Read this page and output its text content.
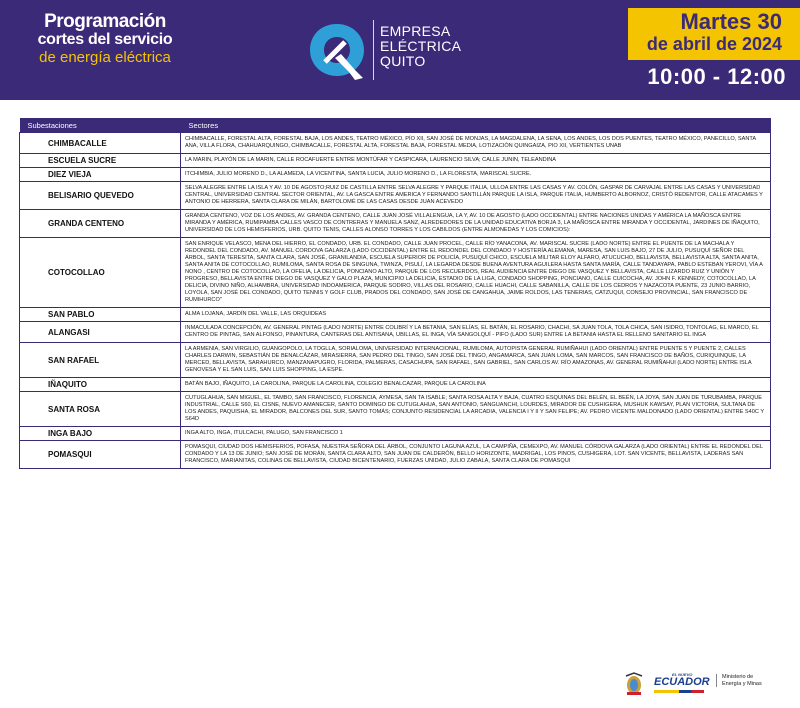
Programación
cortes del servicio
de energía eléctrica
EMPRESA
ELÉCTRICA
QUITO
Martes 30
de abril de 2024
10:00 - 12:00
Subestaciones	Sectores
CHIMBACALLE	CHIMBACALLE, FORESTAL ALTA, FORESTAL BAJA, LOS ANDES, TEATRO MÉXICO, PÍO XII, SAN JOSÉ DE MONJAS, LA MAGDALENA, LA SENA, LOS ANDES, LOS DOS PUENTES, TEATRO MÉXICO, PANECILLO, SANTA ANA, VILLA FLORA, CHAHUARQUINGO, CHIMBACALLE, FORESTAL ALTA, FORESTAL BAJA, FORESTAL MEDIA, LOTIZACIÓN QUINGAIZA, PIO XII, VERTIENTES UNAB
ESCUELA SUCRE	LA MARIN, PLAYÓN DE LA MARIN, CALLE ROCAFUERTE ENTRE MONTÚFAR Y CASPICARA, LAURENCIO SILVA; CALLE JUNIN, TELEANDINA
DIEZ VIEJA	ITCHIMBIA, JULIO MORENO D., LA ALAMEDA, LA VICENTINA, SANTA LUCIA, JULIO MORENO D., LA FLORESTA, MARISCAL SUCRE.
BELISARIO QUEVEDO	SELVA ALEGRE ENTRE LA ISLA Y AV. 10 DE AGOSTO;RUIZ DE CASTILLA ENTRE SELVA ALEGRE Y PARQUE ITALIA, ULLOA ENTRE LAS CASAS Y AV. COLÓN, GASPAR DE CARVAJAL ENTRE LAS CASAS Y UNIVERSIDAD CENTRAL, UNIVERSIDAD CENTRAL SECTOR ORIENTAL, AV. LA GASCA ENTRE AMERICA Y FERNANDO SANTILLÁN PARQUE LA ISLA, PARQUE ITALIA, HUMBERTO ALBORNOZ, CRISTÓ REDENTOR, CALLE ATACAMES Y ANTONIO DE HERRERA, SANTA CLARA DE MILÁN, BARTOLOMÉ DE LAS CASAS DESDE JUAN ACEVEDO
GRANDA CENTENO	GRANDA CENTENO, VOZ DE LOS ANDES, AV. GRANDA CENTENO, CALLE JUAN JOSÉ VILLALENGUA, LA Y, AV. 10 DE AGOSTO (LADO OCCIDENTAL) ENTRE NACIONES UNIDAS Y AMÉRICA LA MAÑOSCA ENTRE MIRANDA Y AMÉRICA, RUMIPAMBA CALLES VASCO DE CONTRERAS Y MANUELA SANZ, ALREDEDORES DE LA UNIDAD EDUCATIVA BORJA 3, LA MAÑOSCA ENTRE MIRANDA Y OCCIDENTAL, JARDINES DE IÑAQUITO, UNIVERSIDAD DE LOS HEMISFERIOS, URB. QUITO TENIS, CALLES ALONSO TORRES Y LOS CABILDOS (ENTRE ALMONEDAS Y LOS COMICIOS):
COTOCOLLAO	SAN ENRIQUE VELASCO, MENA DEL HIERRO, EL CONDADO, URB. EL CONDADO, CALLE JUAN PROCEL, CALLE RÍO YANACONA, AV. MARISCAL SUCRE (LADO NORTE) ENTRE EL PUENTE DE LA MACHALA Y REDONDEL DEL CONDADO, AV. MANUEL CORDOVA GALARZA (LADO OCCIDENTAL) ENTRE EL REDONDEL DEL CONDADO Y HOSTERÍA ALEMANA, MARESA, SAN LUIS BAJO, 27 DE JULIO, PUSUQUÍ SEÑOR DEL ÁRBOL, SANTA TERESITA, SANTA CLARA, SAN JOSÉ, GRANILANDIA, ESCUELA SUPERIOR DE POLICÍA, PUSUQUÍ CHICO, ESCUELA MILITAR ELOY ALFARO, ATUCUCHO, BELLAVISTA, BELLAVISTA ALTA, SANTA ANITA, SANTA ANITA DE COTOCOLLAO, RUMILOMA, SANTA ROSA DE SINGUNA, TWINZA, PISULÍ, LA LEGARDA DESDE BUENA AVENTURA AGUILERA HASTA SANTA MARÍA, CALLE TANDAYAPA, PABLO ESTEBAN YEROVI, VÍA A NONO , CENTRO DE COTOCOLLAO, LA OFELIA, LA DELICIA, PONCIANO ALTO, PARQUE DE LOS RECUERDOS, REAL AUDIENCIA ENTRE DIEGO DE VASQUEZ Y BELLAVISTA, CALLE LIZARDO RUIZ Y UNIÓN Y PROGRESO, BELLAVISTA ENTRE DIEGO DE VASQUEZ Y GALO PLAZA, MUNICIPIO LA DELICIA, ESTADIO DE LA LIGA, CONDADO SHOPPING, PONCIANO, CALLE CUICOCHA, AV. JOHN F. KENNEDY, COTOCOLLAO, LA DELICIA, DIVINO NIÑO, ALHAMBRA, UNIVERSIDAD INDOAMERICA, PARQUE SODIRO, VILLAS DEL ROSARIO, CALLE HUACHI, CALLE SABANILLA, CALLE DE LOS CEDROS Y NAZACOTA PUENTE, 23 JUNIO BARRIO, LOYOLA, SAN JOSÉ DEL CONDADO, QUITO TENNIS Y GOLF CLUB, PRADOS DEL CONDADO, SAN JOSÉ DE CANGAHUA, JAIME ROLDOS, LAS TENERIAS, CATZUQUI, CONSEJO PROVINCIAL, SAN FRANCISCO DE RUMIHURCO"
SAN PABLO	ALMA LOJANA, JARDÍN DEL VALLE, LAS ORQUIDEAS
ALANGASI	INMACULADA CONCEPCIÓN, AV. GENERAL PINTAG (LADO NORTE) ENTRE COLIBRÍ Y LA BETANIA, SAN ELÍAS, EL BATÁN, EL ROSARIO, CHACHI, SA JUAN TOLA, TOLA CHICA, SAN ISIDRO, TONTOLAG, EL MARCO, EL CENTRO DE PINTAG, SAN ALFONSO, PINANTURA, CANTERAS DEL ANTISANA, UBILLAS, EL INGA, VÍA SANGOLQUÍ - PIFO (LADO SUR) ENTRE LA BETANIA HASTA EL RELLENO SANITARIO EL INGA
SAN RAFAEL	LA ARMENIA, SAN VIRGILIO, GUANGOPOLO, LA TOGLLA, SORIALOMA, UNIVERSIDAD INTERNACIONAL, RUMILOMA, AUTOPISTA GENERAL RUMIÑAHUI (LADO ORIENTAL) ENTRE PUENTE 5 Y PUENTE 2, CALLES CHARLES DARWIN, SEBASTIÁN DE BENALCÁZAR, MIRASIERRA, SAN PEDRO DEL TINGO, SAN JOSÉ DEL TINGO, ANGAMARCA, SAN JUAN LOMA, SAN MARCOS, SAN FRANCISCO DE BAÑOS, CURIQUINQUE, LA MERCED, BELLAVISTA, SARAHURCO, MANZANAPUGRO, FLORIDA, PALMERAS, CASACHUPA, SAN RAFAEL, SAN GABRIEL, SAN CARLOS AV. RÍO AMAZONAS, AV. GENERAL RUMIÑAHUI (LADO NORTE) ENTRE ISLA GENOVESA Y EL SAN LUIS, SAN LUIS SHOPPING, LA ESPE.
IÑAQUITO	BATÁN BAJO, IÑAQUITO, LA CAROLINA, PARQUE LA CAROLINA, COLEGIO BENALCAZAR, PARQUE LA CAROLINA
SANTA ROSA	CUTUGLAHUA, SAN MIGUEL, EL TAMBO, SAN FRANCISCO, FLORENCIA, AYMESA, SAN TA ISABLE; SANTA ROSA ALTA Y BAJA, CUATRO ESQUINAS DEL BELÉN, EL BEÉN, LA JOYA, SAN JUAN DE TURUBAMBA, PARQUE INDUSTRIAL, CALLE S60, EL CISNE, NUEVO AMANECER, SANTO DOMINGO DE CUTUGLAHUA, SAN ANTONIO, SANGUANCHI, LOURDES, MIRADOR DE CUSHIGERA, MUSHUK KAWSAY, PLAN VICTORIA, SULTANA DE LOS ANDES, PAQUISHA, EL MIRADOR, BALCONES DEL SUR, SANTO TOMÁS; CONJUNTO RESIDENCIAL LA ARCADIA, VALENCIA I Y II Y SAN FELIPE; AV. PEDRO VICENTE MALDONADO (LADO ORIENTAL) ENTRE S40C Y S64D
INGA BAJO	INGA ALTO, INGA, ITULCACHI, PALUGO, SAN FRANCISCO 1
POMASQUI	POMASQUI, CIUDAD DOS HEMISFERIOS, POFASA, NUESTRA SEÑORA DEL ÁRBOL, CONJUNTO LAGUNA AZUL, LA CAMPIÑA, CEMEXPO, AV. MANUEL CÓRDOVA GALARZA (LADO ORIENTAL) ENTRE EL REDONDEL DEL CONDADO Y LA 13 DE JUNIO; SAN JOSÉ DE MORÁN, SANTA CLARA ALTO, SAN JUAN DE CALDERÓN, BELLO HORIZONTE, MADRIGAL, LOS PINOS, CUSHIGERA, LOT. SAN VICENTE, BELLAVISTA, LADERAS SAN FRANCISCO, MARIANITAS, COLINAS DE BELLAVISTA, CIUDAD BICENTENARIO, FUERZAS UNIDAD, JULIO ZABALA, SANTA CLARA DE POMASQUI
EL NUEVO
ECUADOR Ministerio de
Energía y Minas
